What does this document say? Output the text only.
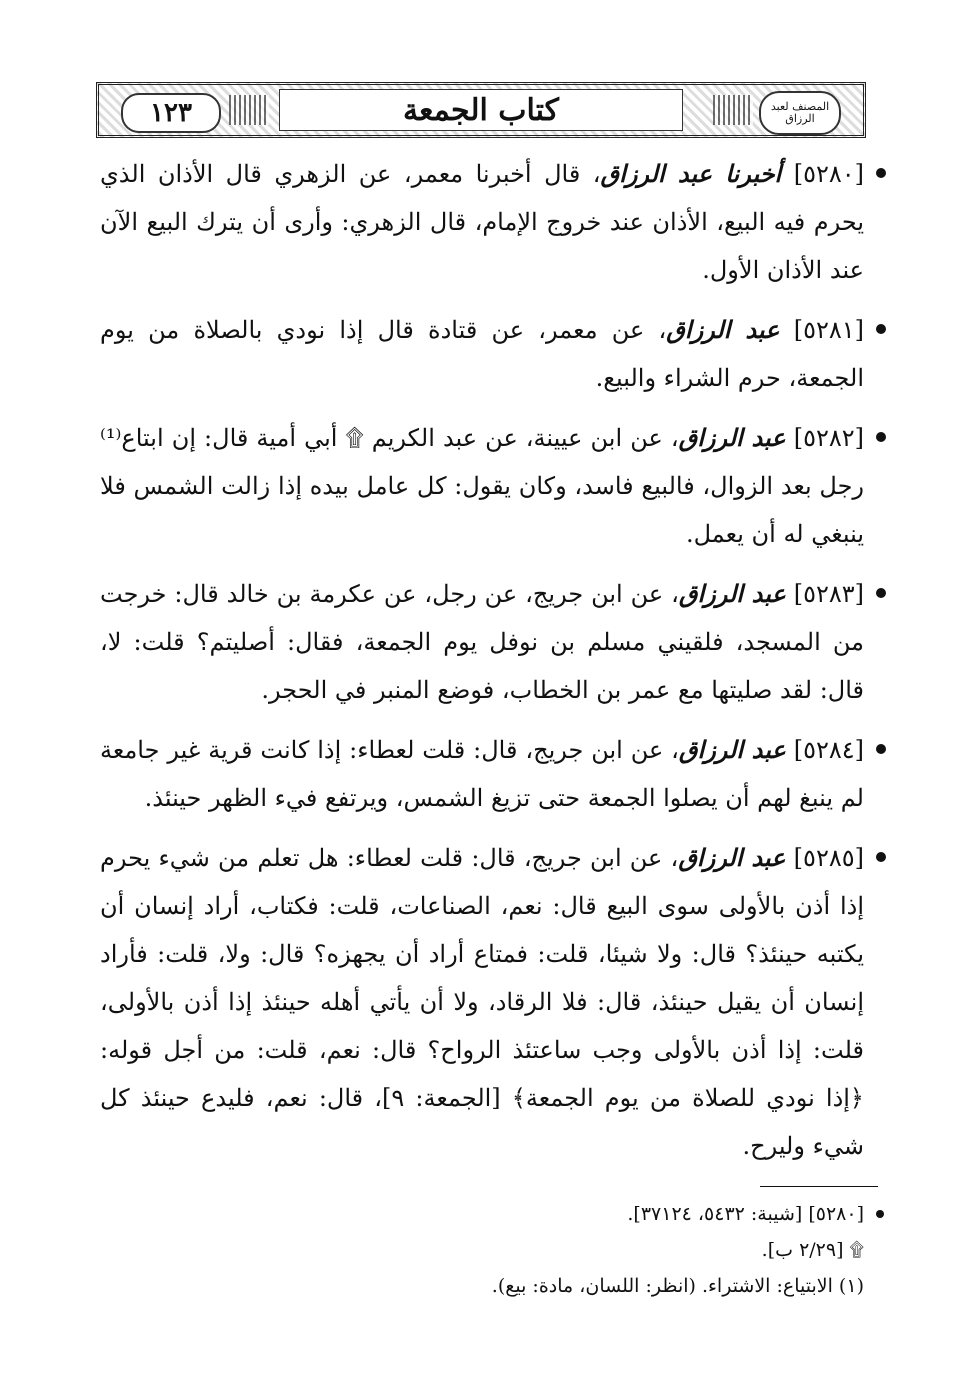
١٢٣	كتاب الجمعة	المصنف لعبد الرزاق
[٥٢٨٠] أخبرنا عبد الرزاق، قال أخبرنا معمر، عن الزهري قال الأذان الذي يحرم فيه البيع، الأذان عند خروج الإمام، قال الزهري: وأرى أن يترك البيع الآن عند الأذان الأول.
[٥٢٨١] عبد الرزاق، عن معمر، عن قتادة قال إذا نودي بالصلاة من يوم الجمعة، حرم الشراء والبيع.
[٥٢٨٢] عبد الرزاق، عن ابن عيينة، عن عبد الكريم ۩ أبي أمية قال: إن ابتاع⁽¹⁾ رجل بعد الزوال، فالبيع فاسد، وكان يقول: كل عامل بيده إذا زالت الشمس فلا ينبغي له أن يعمل.
[٥٢٨٣] عبد الرزاق، عن ابن جريج، عن رجل، عن عكرمة بن خالد قال: خرجت من المسجد، فلقيني مسلم بن نوفل يوم الجمعة، فقال: أصليتم؟ قلت: لا، قال: لقد صليتها مع عمر بن الخطاب، فوضع المنبر في الحجر.
[٥٢٨٤] عبد الرزاق، عن ابن جريج، قال: قلت لعطاء: إذا كانت قرية غير جامعة لم ينبغ لهم أن يصلوا الجمعة حتى تزيغ الشمس، ويرتفع فيء الظهر حينئذ.
[٥٢٨٥] عبد الرزاق، عن ابن جريج، قال: قلت لعطاء: هل تعلم من شيء يحرم إذا أذن بالأولى سوى البيع قال: نعم، الصناعات، قلت: فكتاب، أراد إنسان أن يكتبه حينئذ؟ قال: ولا شيئا، قلت: فمتاع أراد أن يجهزه؟ قال: ولا، قلت: فأراد إنسان أن يقيل حينئذ، قال: فلا الرقاد، ولا أن يأتي أهله حينئذ إذا أذن بالأولى، قلت: إذا أذن بالأولى وجب ساعتئذ الرواح؟ قال: نعم، قلت: من أجل قوله: ﴿إذا نودي للصلاة من يوم الجمعة﴾ [الجمعة: ٩]، قال: نعم، فليدع حينئذ كل شيء وليرح.
[٥٢٨٠] [شيبة: ٥٤٣٢، ٣٧١٢٤].
۩ [٢/٢٩ ب].
(١) الابتياع: الاشتراء. (انظر: اللسان، مادة: بيع).
